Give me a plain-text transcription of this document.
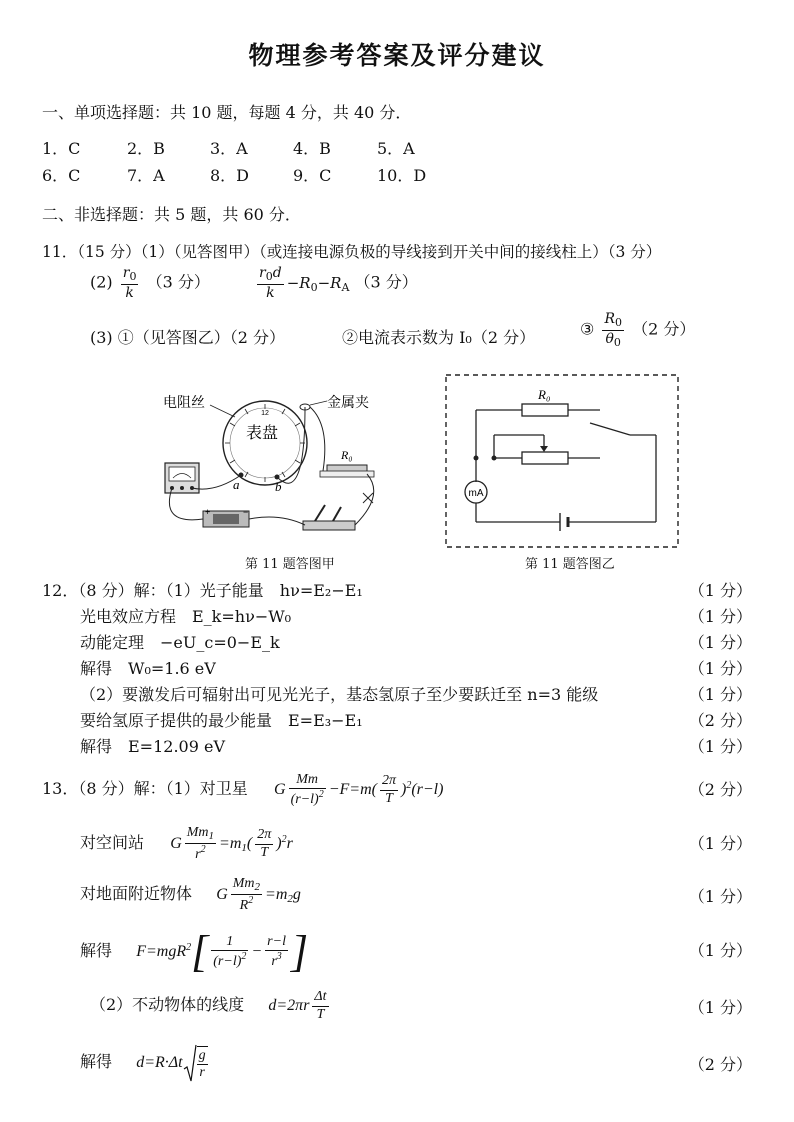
物理参考答案及评分建议
一、单项选择题：共 10 题，每题 4 分，共 40 分．
1．C	2．B	3．A	4．B	5．A
6．C	7．A	8．D	9．C	10．D
二、非选择题：共 5 题，共 60 分．
11．（15 分）（1）（见答图甲）（或连接电源负极的导线接到开关中间的接线柱上）（3 分）
$(2) \frac{r_0}{k} (3$ 分）	$\frac{r_0d}{k} -R_0-R_A$ （3 分）
(3) ①（见答图乙）（2 分）	②电流表示数为 I₀（2 分）	③ $\frac{R_0}{\theta_0} (2$ 分）
12
表盘
a	b
电阻丝	金属夹
R₀
+	−
第 11 题答图甲
R₀
mA
第 11 题答图乙
12．（8 分）解：（1）光子能量　hν=E₂−E₁	（1 分）
光电效应方程　E_k=hν−W₀	（1 分）
动能定理　−eU_c=0−E_k	（1 分）
解得　W₀=1.6 eV	（1 分）
（2）要激发后可辐射出可见光光子，基态氢原子至少要跃迁至 n=3 能级	（1 分）
要给氢原子提供的最少能量　E=E₃−E₁	（2 分）
解得　E=12.09 eV	（1 分）
13．（8 分）解：（1）对卫星 G $\frac{Mm}{(r-l)^2} -F=m( \frac{2\pi}{T} )^2(r-l)$	（2 分）
对空间站 G $\frac{Mm_1}{r^2} =m_1( \frac{2\pi}{T} )^2r$	（1 分）
对地面附近物体 G $\frac{Mm_2}{R^2} =m_2g$	（1 分）
解得 $F=mgR^2[ \frac{1}{(r-l)^2} - \frac{r-l}{r^3}$ ]	（1 分）
（2）不动物体的线度 $d=2\pi r \frac{\Delta t}{T}$	（1 分）
解得 $d=R\cdot\Delta t \frac{g}{r}$	（2 分）
